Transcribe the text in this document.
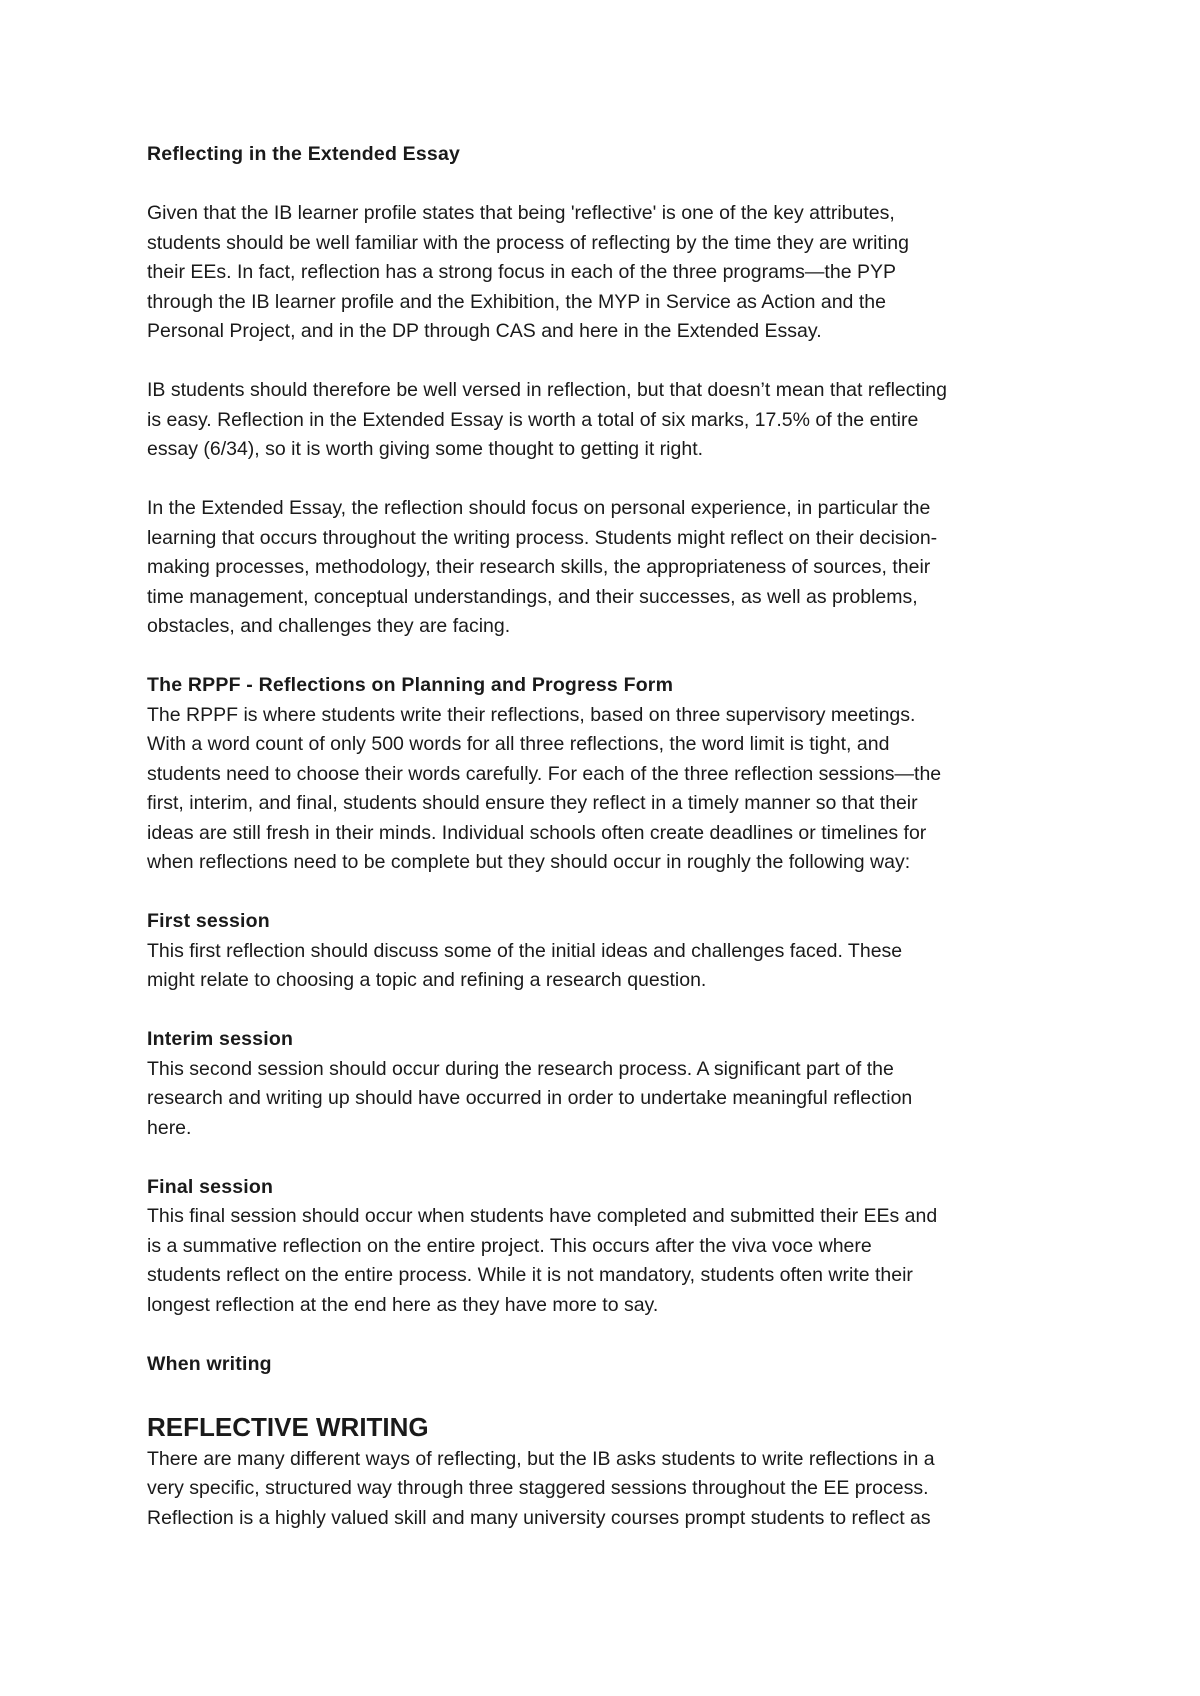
Reflecting in the Extended Essay

Given that the IB learner profile states that being 'reflective' is one of the key attributes,
students should be well familiar with the process of reflecting by the time they are writing
their EEs. In fact, reflection has a strong focus in each of the three programs—the PYP
through the IB learner profile and the Exhibition, the MYP in Service as Action and the
Personal Project, and in the DP through CAS and here in the Extended Essay.

IB students should therefore be well versed in reflection, but that doesn’t mean that reflecting
is easy. Reflection in the Extended Essay is worth a total of six marks, 17.5% of the entire
essay (6/34), so it is worth giving some thought to getting it right.

In the Extended Essay, the reflection should focus on personal experience, in particular the
learning that occurs throughout the writing process. Students might reflect on their decision-
making processes, methodology, their research skills, the appropriateness of sources, their
time management, conceptual understandings, and their successes, as well as problems,
obstacles, and challenges they are facing.

The RPPF - Reflections on Planning and Progress Form

The RPPF is where students write their reflections, based on three supervisory meetings.
With a word count of only 500 words for all three reflections, the word limit is tight, and
students need to choose their words carefully. For each of the three reflection sessions—the
first, interim, and final, students should ensure they reflect in a timely manner so that their
ideas are still fresh in their minds. Individual schools often create deadlines or timelines for
when reflections need to be complete but they should occur in roughly the following way:

First session

This first reflection should discuss some of the initial ideas and challenges faced. These
might relate to choosing a topic and refining a research question.

Interim session

This second session should occur during the research process. A significant part of the
research and writing up should have occurred in order to undertake meaningful reflection
here.

Final session

This final session should occur when students have completed and submitted their EEs and
is a summative reflection on the entire project. This occurs after the viva voce where
students reflect on the entire process. While it is not mandatory, students often write their
longest reflection at the end here as they have more to say.

When writing

REFLECTIVE WRITING

There are many different ways of reflecting, but the IB asks students to write reflections in a
very specific, structured way through three staggered sessions throughout the EE process.
Reflection is a highly valued skill and many university courses prompt students to reflect as
